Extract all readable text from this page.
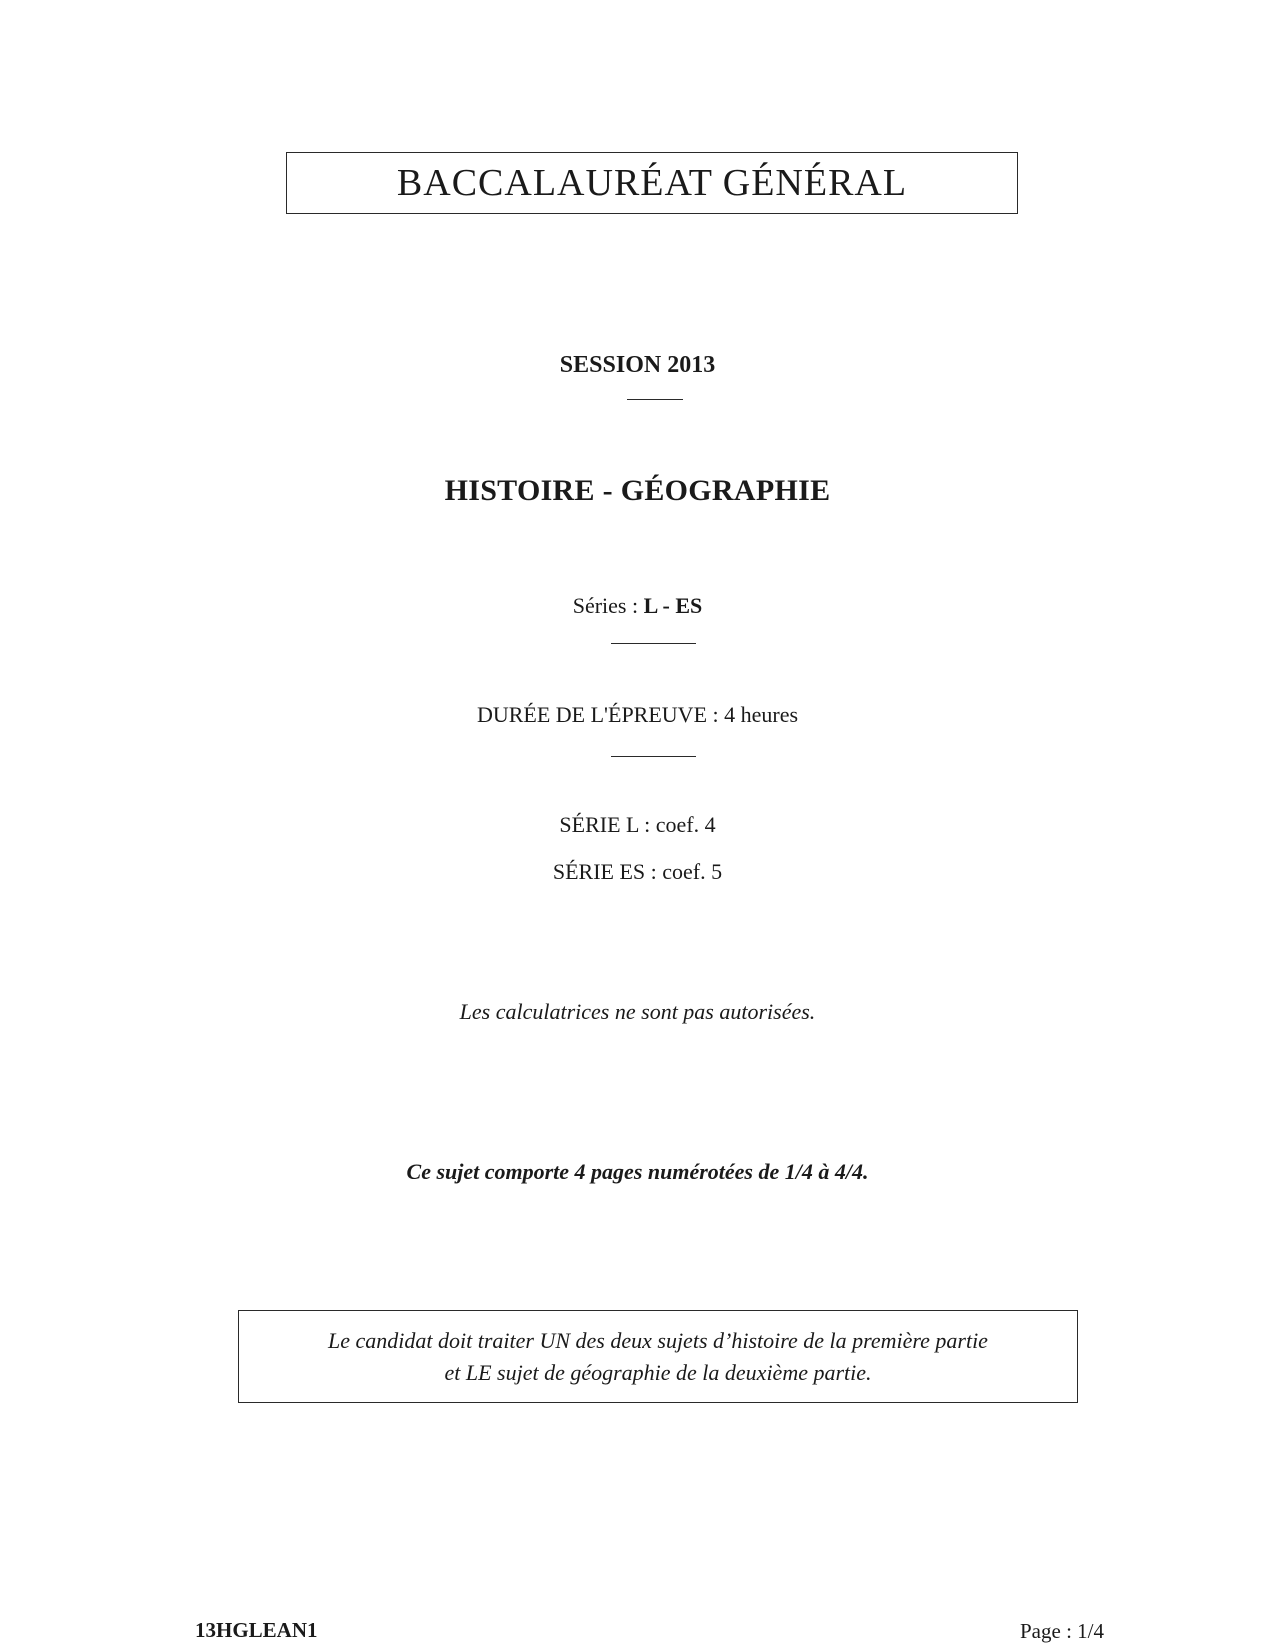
BACCALAURÉAT GÉNÉRAL
SESSION 2013
HISTOIRE - GÉOGRAPHIE
Séries : L - ES
DURÉE DE L'ÉPREUVE : 4 heures
SÉRIE L : coef. 4
SÉRIE ES : coef. 5
Les calculatrices ne sont pas autorisées.
Ce sujet comporte 4 pages numérotées de 1/4 à 4/4.
Le candidat doit traiter UN des deux sujets d’histoire de la première partie
et LE sujet de géographie de la deuxième partie.
13HGLEAN1	Page : 1/4
